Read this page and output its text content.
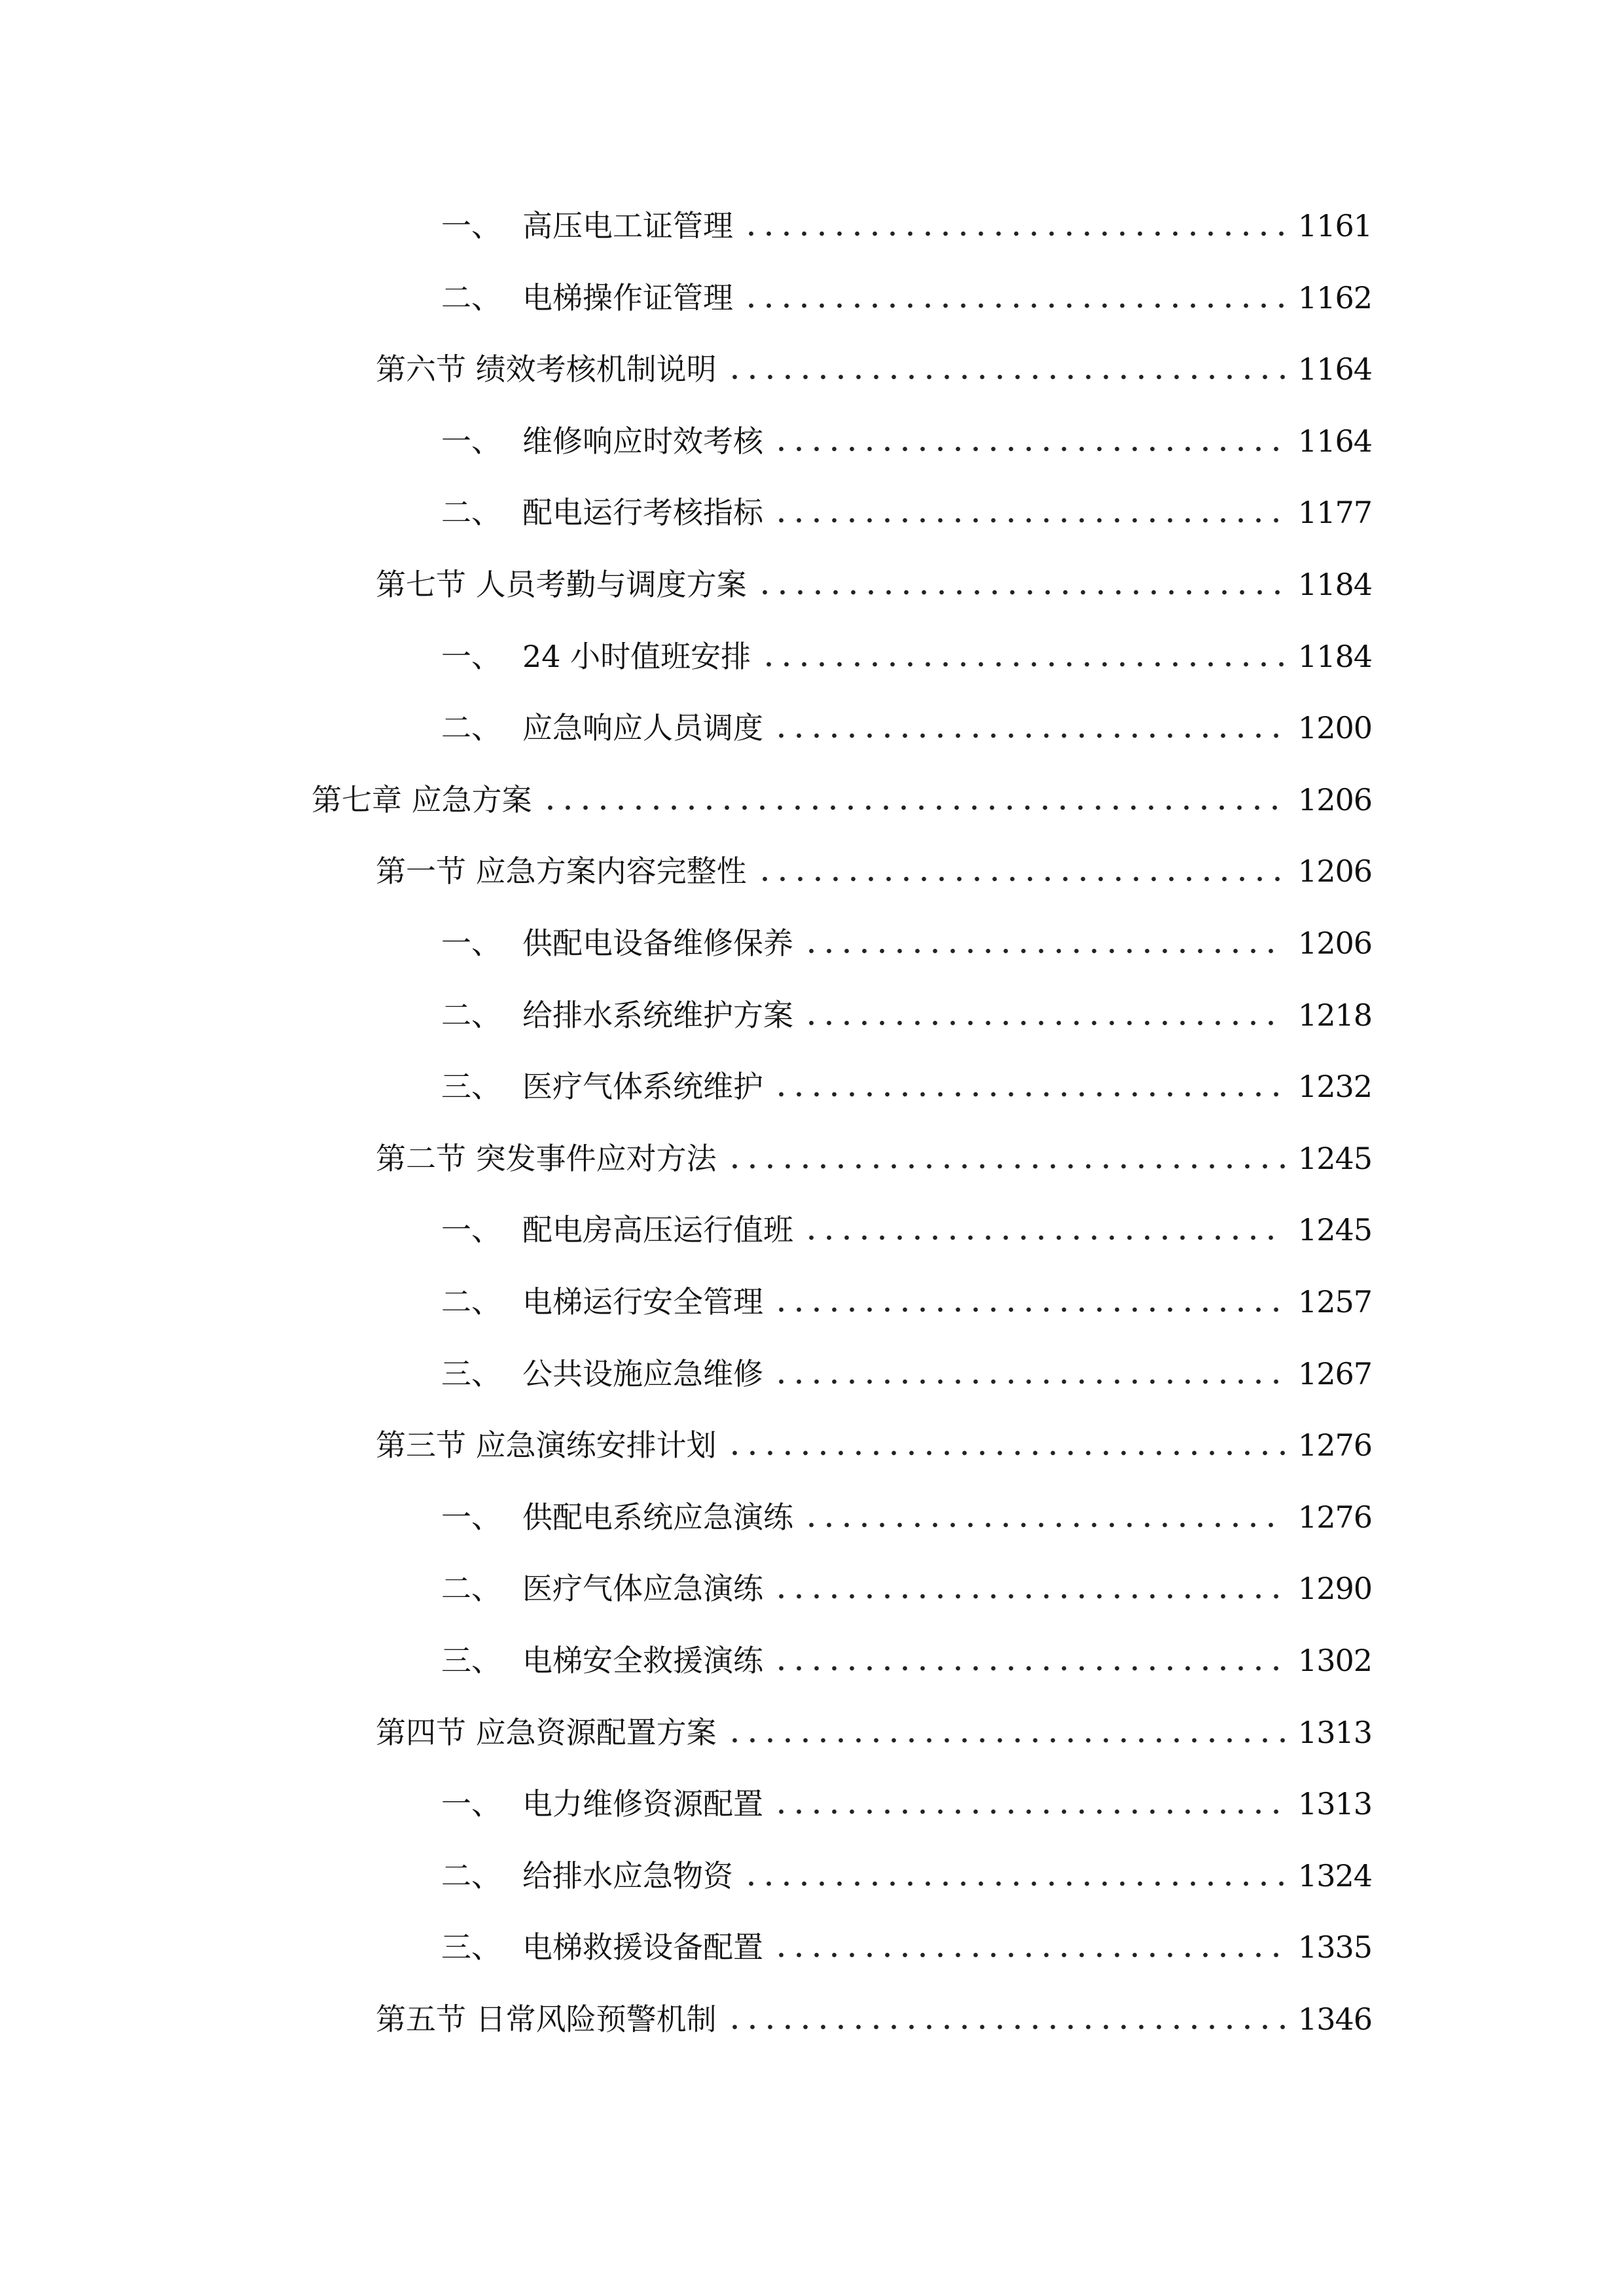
一、 高压电工证管理	1161
二、 电梯操作证管理	1162
第六节 绩效考核机制说明	1164
一、 维修响应时效考核	1164
二、 配电运行考核指标	1177
第七节 人员考勤与调度方案	1184
一、 24 小时值班安排	1184
二、 应急响应人员调度	1200
第七章 应急方案	1206
第一节 应急方案内容完整性	1206
一、 供配电设备维修保养	1206
二、 给排水系统维护方案	1218
三、 医疗气体系统维护	1232
第二节 突发事件应对方法	1245
一、 配电房高压运行值班	1245
二、 电梯运行安全管理	1257
三、 公共设施应急维修	1267
第三节 应急演练安排计划	1276
一、 供配电系统应急演练	1276
二、 医疗气体应急演练	1290
三、 电梯安全救援演练	1302
第四节 应急资源配置方案	1313
一、 电力维修资源配置	1313
二、 给排水应急物资	1324
三、 电梯救援设备配置	1335
第五节 日常风险预警机制	1346
